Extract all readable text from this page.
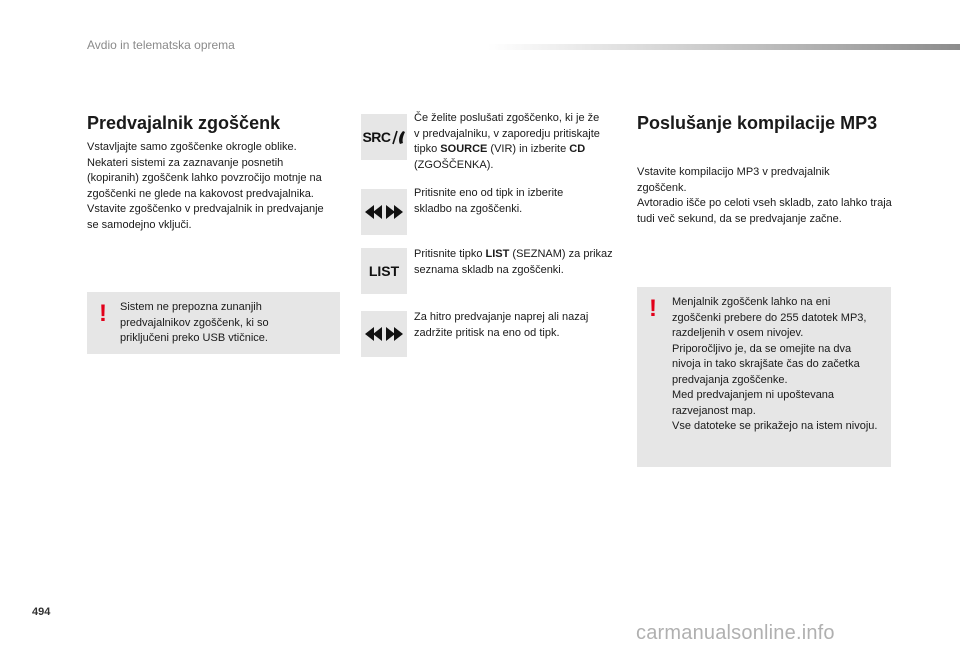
Avdio in telematska oprema
Predvajalnik zgoščenk

Vstavljajte samo zgoščenke okrogle oblike.

Nekateri sistemi za zaznavanje posnetih (kopiranih) zgoščenk lahko povzročijo motnje na zgoščenki ne glede na kakovost predvajalnika.

Vstavite zgoščenko v predvajalnik in predvajanje se samodejno vključi.

! Sistem ne prepozna zunanjih predvajalnikov zgoščenk, ki so priključeni preko USB vtičnice.
SRC
Če želite poslušati zgoščenko, ki je že v predvajalniku, v zaporedju pritiskajte tipko SOURCE (VIR) in izberite CD (ZGOŠČENKA).
Pritisnite eno od tipk in izberite skladbo na zgoščenki.
LIST
Pritisnite tipko LIST (SEZNAM) za prikaz seznama skladb na zgoščenki.
Za hitro predvajanje naprej ali nazaj zadržite pritisk na eno od tipk.
Poslušanje kompilacije MP3

Vstavite kompilacijo MP3 v predvajalnik zgoščenk.

Avtoradio išče po celoti vseh skladb, zato lahko traja tudi več sekund, da se predvajanje začne.

! Menjalnik zgoščenk lahko na eni zgoščenki prebere do 255 datotek MP3, razdeljenih v osem nivojev.
Priporočljivo je, da se omejite na dva nivoja in tako skrajšate čas do začetka predvajanja zgoščenke.
Med predvajanjem ni upoštevana razvejanost map.
Vse datoteke se prikažejo na istem nivoju.
494
carmanualsonline.info
